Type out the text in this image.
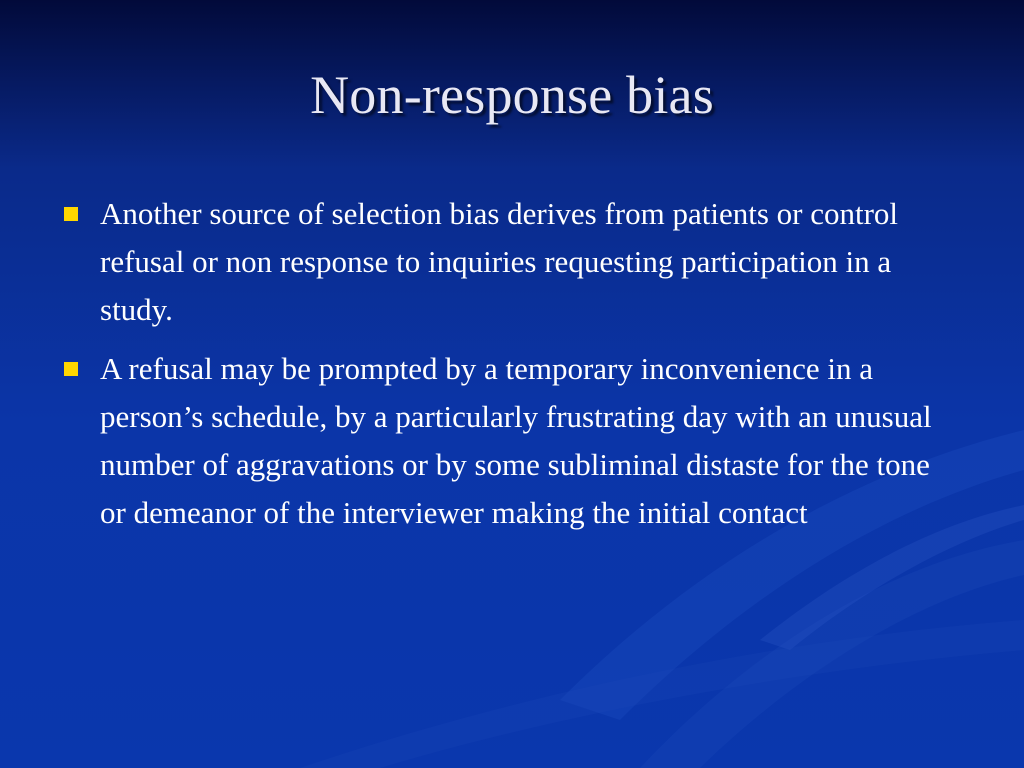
Non-response bias
Another source of selection bias derives from patients or control refusal or non response to inquiries requesting participation in a study.
A refusal may be prompted by a temporary inconvenience in a person’s schedule, by a particularly frustrating day with an unusual number of aggravations or by some subliminal distaste for the tone or demeanor of the interviewer making the initial contact
